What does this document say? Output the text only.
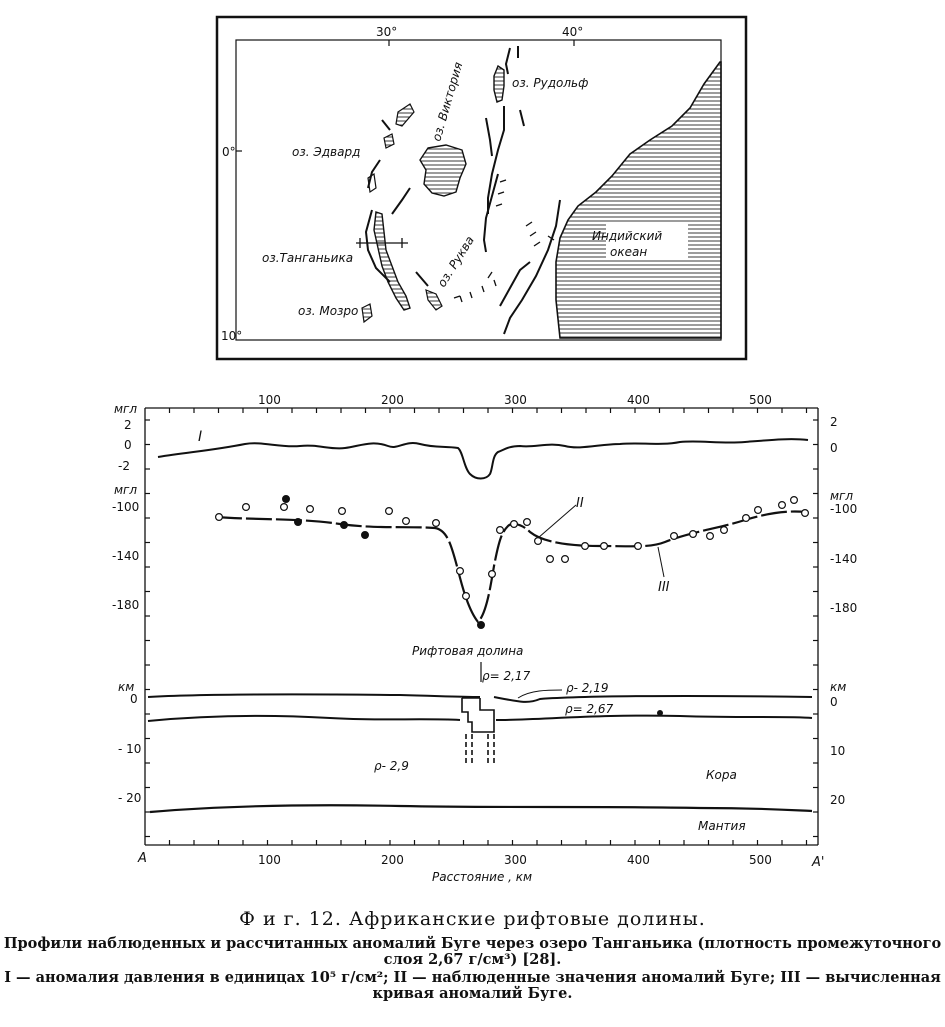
30°	40°
0°
10°
Индийский
океан
оз. Рудольф
оз. Виктория
оз. Эдвард
оз.Танганьика	оз. Руква
оз. Мозро
100	200	300	400	500
100	200	300	400	500
Расстояние , км
A	A'
мгл
2
0
-2
мгл
-100
-140
-180
км
0
- 10
- 20
2
0
мгл
-100
-140
-180
км
0
10
20
I
III
II
Рифтовая долина
ρ= 2,17
ρ- 2,19
ρ= 2,67
ρ- 2,9
Кора
Мантия
Ф и г. 12. Африканские рифтовые долины.
Профили наблюденных и рассчитанных аномалий Буге через озеро Танганьика (плотность промежуточного слоя 2,67 г/см³) [28].
I — аномалия давления в единицах 10⁵ г/см²; II — наблюденные значения аномалий Буге; III — вычисленная кривая аномалий Буге.
